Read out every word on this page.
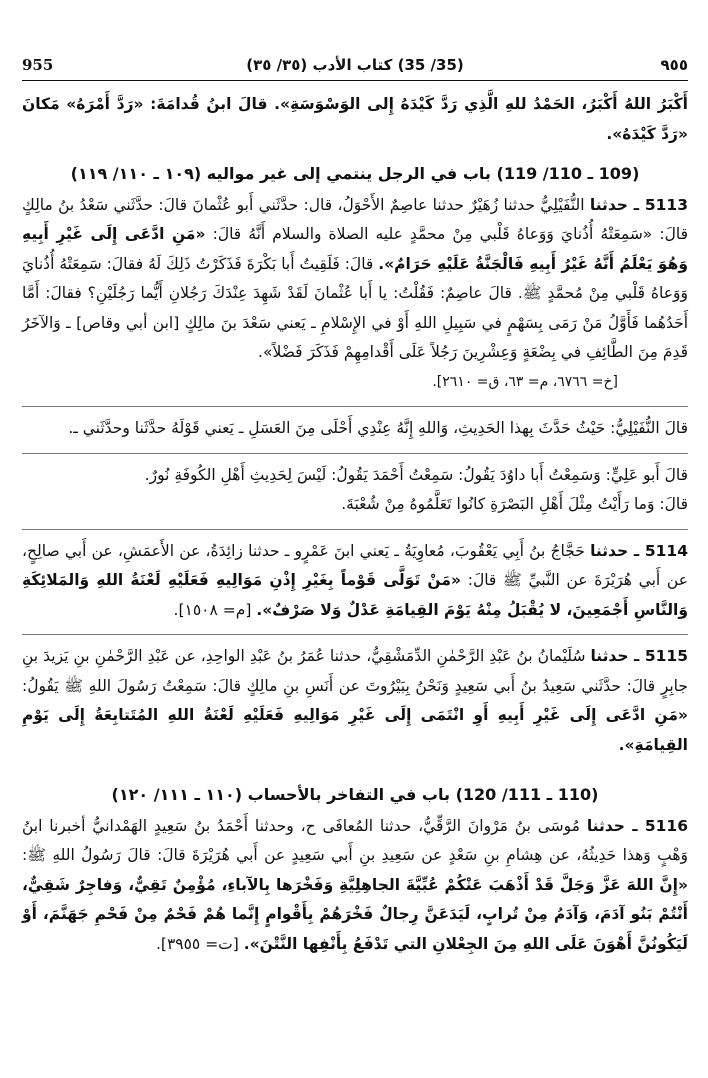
٩٥٥
(35/ 35) كتاب الأدب (٣٥/ ٣٥)
955

أَكْبَرُ اللهُ أَكْبَرُ، الحَمْدُ للهِ الَّذِي رَدَّ كَيْدَهُ إِلى الوَسْوَسَةِ». قالَ ابنُ قُدامَةَ: «رَدَّ أَمْرَهُ» مَكانَ «رَدَّ كَيْدَهُ».

(109 ـ 110/ 119) باب في الرجل ينتمي إلى غير مواليه (١٠٩ ـ ١١٠/ ١١٩)

5113 ـ حدثنا النُّفَيْلِيُّ حدثنا زُهَيْرٌ حدثنا عاصِمٌ الأَحْوَلُ، قال: حدَّثَني أَبو عُثْمانَ قالَ: حدَّثَني سَعْدُ بنُ مالِكٍ قالَ: «سَمِعَتْهُ أُذُنايَ وَوَعاهُ قَلْبي مِنْ محمَّدٍ عليه الصلاة والسلام أَنَّهُ قالَ: «مَنِ ادَّعَى إِلَى غَيْرِ أَبِيهِ وَهُوَ يَعْلَمُ أَنَّهُ غَيْرُ أَبِيهِ فَالْجَنَّةُ عَلَيْهِ حَرَامٌ». قالَ: فَلَقِيتُ أَبا بَكْرَةَ فَذَكَرْتُ ذَلِكَ لَهُ فقالَ: سَمِعَتْهُ أُذُنايَ وَوَعاهُ قَلْبي مِنْ مُحمَّدٍ ﷺ. قالَ عاصِمٌ: فَقُلْتُ: يا أَبا عُثْمانَ لَقَدْ شَهِدَ عِنْدَكَ رَجُلانِ أَيُّما رَجُلَيْنِ؟ فقالَ: أَمَّا أَحَدُهُما فَأَوَّلُ مَنْ رَمَى بِسَهْمٍ في سَبِيلِ اللهِ أَوْ في الإِسْلامِ ـ يَعني سَعْدَ بنَ مالِكٍ [ابن أبي وقاص] ـ وَالآخَرُ قَدِمَ مِنَ الطَّائِفِ في بِضْعَةٍ وَعِشْرِينَ رَجُلاً عَلَى أَقْدامِهِمْ فَذَكَرَ فَضْلاً».

[خ= ٦٧٦٦، م= ٦٣، ق= ٢٦١٠].

قالَ النُّفَيْلِيُّ: حَيْثُ حَدَّثَ بِهذا الحَدِيثِ، وَاللهِ إِنَّهُ عِنْدِي أَحْلَى مِنَ العَسَلِ ـ يَعني قَوْلَهُ حدَّثَنا وحدَّثَني ـ.

قالَ أَبو عَلِيٍّ: وَسَمِعْتُ أَبا داوُدَ يَقُولُ: سَمِعْتُ أَحْمَدَ يَقُولُ: لَيْسَ لِحَدِيثِ أَهْلِ الكُوفَةِ نُورٌ.

قالَ: وَما رَأَيْتُ مِثْلَ أَهْلِ البَصْرَةِ كانُوا تَعَلَّمُوهُ مِنْ شُعْبَةَ.

5114 ـ حدثنا حَجَّاجُ بنُ أَبِي يَعْقُوبَ، مُعاوِيَةُ ـ يَعني ابنَ عَمْرٍو ـ حدثنا زائِدَةُ، عن الأَعمَشِ، عن أَبي صالِحٍ، عن أَبي هُرَيْرَةَ عن النَّبيِّ ﷺ قالَ: «مَنْ تَوَلَّى قَوْماً بِغَيْرِ إِذْنِ مَوَالِيهِ فَعَلَيْهِ لَعْنَةُ اللهِ وَالمَلائِكَةِ وَالنَّاسِ أَجْمَعِينَ، لا يُقْبَلُ مِنْهُ يَوْمَ القِيامَةِ عَدْلٌ وَلا صَرْفٌ». [م= ١٥٠٨].

5115 ـ حدثنا سُلَيْمانُ بنُ عَبْدِ الرَّحْمٰنِ الدِّمَشْقِيُّ، حدثنا عُمَرُ بنُ عَبْدِ الواحِدِ، عن عَبْدِ الرَّحْمٰنِ بنِ يَزيدَ بنِ جابِرٍ قالَ: حدَّثَني سَعِيدُ بنُ أَبي سَعِيدٍ وَنَحْنُ بِبَيْرُوتَ عن أَنَسِ بنِ مالِكٍ قالَ: سَمِعْتُ رَسُولَ اللهِ ﷺ يَقُولُ: «مَنِ ادَّعَى إِلَى غَيْرِ أَبِيهِ أَوِ انْتَمَى إِلَى غَيْرِ مَوَالِيهِ فَعَلَيْهِ لَعْنَةُ اللهِ المُتَتابِعَةُ إِلَى يَوْمِ القِيامَةِ».

(110 ـ 111/ 120) باب في التفاخر بالأحساب (١١٠ ـ ١١١/ ١٢٠)

5116 ـ حدثنا مُوسَى بنُ مَرْوانَ الرَّقِّيُّ، حدثنا المُعافَى ح، وحدثنا أَحْمَدُ بنُ سَعِيدٍ الهَمْدانيُّ أخبرنا ابنُ وَهْبٍ وَهذا حَدِيثُهُ، عن هِشامِ بنِ سَعْدٍ عن سَعِيدِ بنِ أَبي سَعِيدٍ عن أَبي هُرَيْرَةَ قالَ: قالَ رَسُولُ اللهِ ﷺ: «إِنَّ اللهَ عَزَّ وَجَلَّ قَدْ أَذْهَبَ عَنْكُمْ عُبِّيَّةَ الجاهِلِيَّةِ وَفَخْرَها بِالآباءِ، مُؤْمِنٌ تَقِيٌّ، وَفاجِرٌ شَقِيٌّ، أَنْتُمْ بَنُو آدَمَ، وَآدَمُ مِنْ تُرابٍ، لَيَدَعَنَّ رِجالٌ فَخْرَهُمْ بِأَقْوامٍ إِنَّما هُمْ فَحْمٌ مِنْ فَحْمِ جَهَنَّمَ، أَوْ لَيَكُونُنَّ أَهْوَنَ عَلَى اللهِ مِنَ الجِعْلانِ التي تَدْفَعُ بِأَنْفِها النَّتْنَ». [ت= ٣٩٥٥].
